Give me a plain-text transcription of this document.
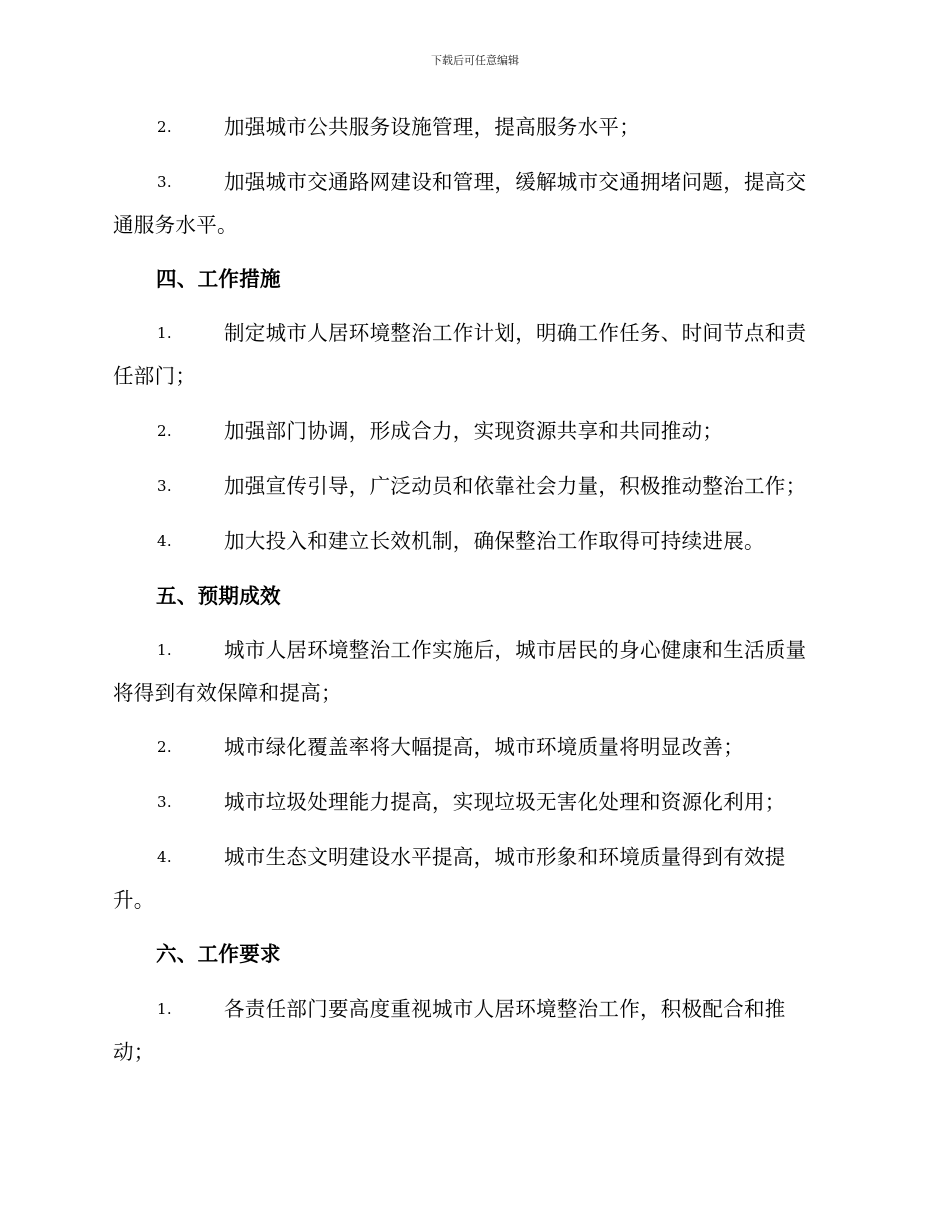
下载后可任意编辑
2.	加强城市公共服务设施管理，提高服务水平；
3.	加强城市交通路网建设和管理，缓解城市交通拥堵问题，提高交
通服务水平。
四、工作措施
1.	制定城市人居环境整治工作计划，明确工作任务、时间节点和责
任部门；
2.	加强部门协调，形成合力，实现资源共享和共同推动；
3.	加强宣传引导，广泛动员和依靠社会力量，积极推动整治工作；
4.	加大投入和建立长效机制，确保整治工作取得可持续进展。
五、预期成效
1.	城市人居环境整治工作实施后，城市居民的身心健康和生活质量
将得到有效保障和提高；
2.	城市绿化覆盖率将大幅提高，城市环境质量将明显改善；
3.	城市垃圾处理能力提高，实现垃圾无害化处理和资源化利用；
4.	城市生态文明建设水平提高，城市形象和环境质量得到有效提
升。
六、工作要求
1.	各责任部门要高度重视城市人居环境整治工作，积极配合和推
动；
